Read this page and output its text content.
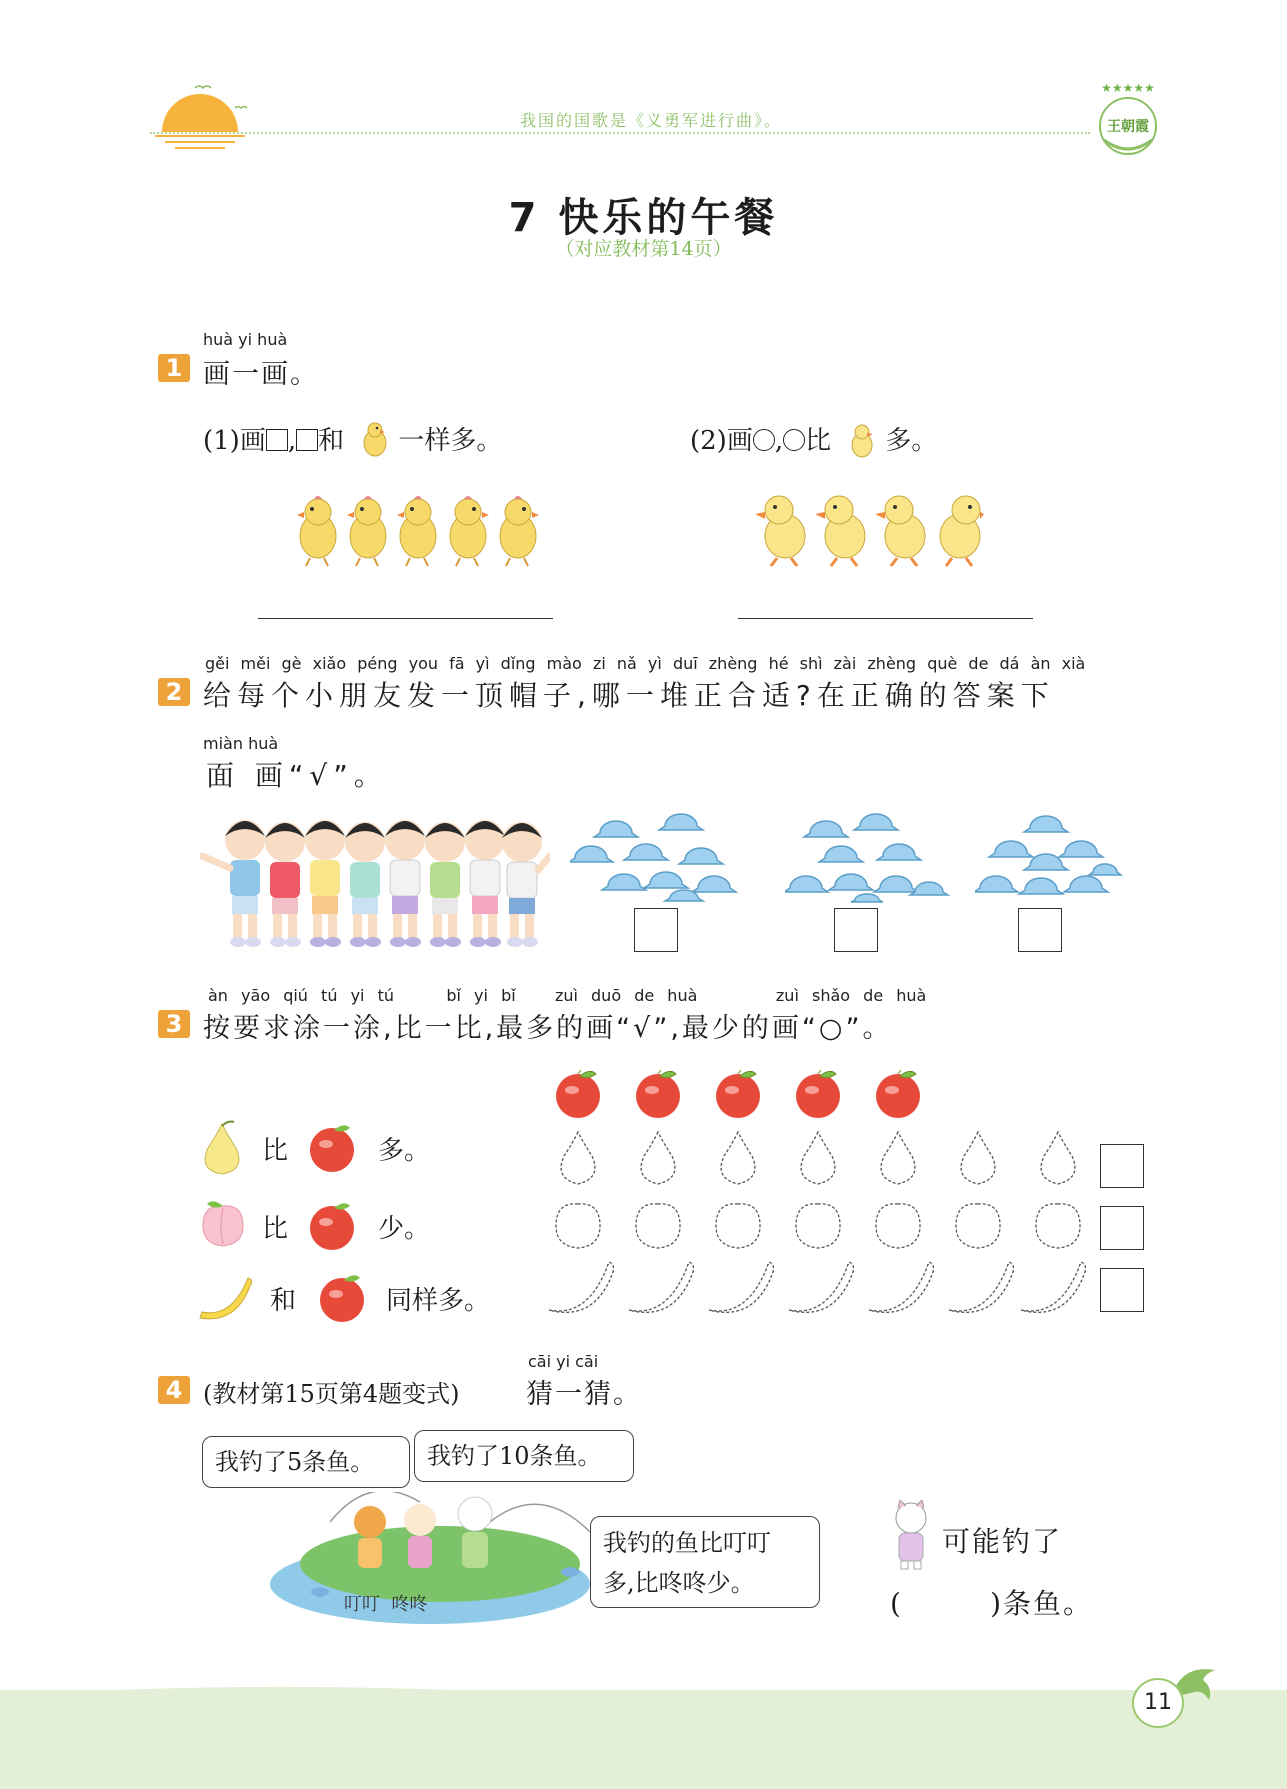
我国的国歌是《义勇军进行曲》。
★★★★★
王朝霞
7 快乐的午餐
（对应教材第14页）
huà yi huà
1 画一画。
(1)画 , 和 一样多。	(2)画 , 比 多。
gěi měi gè xiǎo péng you fā yì dǐng mào zi nǎ yì duī zhèng hé shì zài zhèng què de dá àn xià
2 给每个小朋友发一顶帽子,哪一堆正合适?在正确的答案下
miàn huà
面 画“√”。
àn yāo qiú tú yi tú	bǐ yi bǐ zuì duō de huà	zuì shǎo de huà
3 按要求涂一涂,比一比,最多的画“√”,最少的画“○”。
比	多。
比	少。
和	同样多。
cāi yi cāi
4 (教材第15页第4题变式) 猜一猜。
我钓了5条鱼。	我钓了10条鱼。
我钓的鱼比叮叮
多,比咚咚少。
叮叮  咚咚
可能钓了
(        )条鱼。
11
